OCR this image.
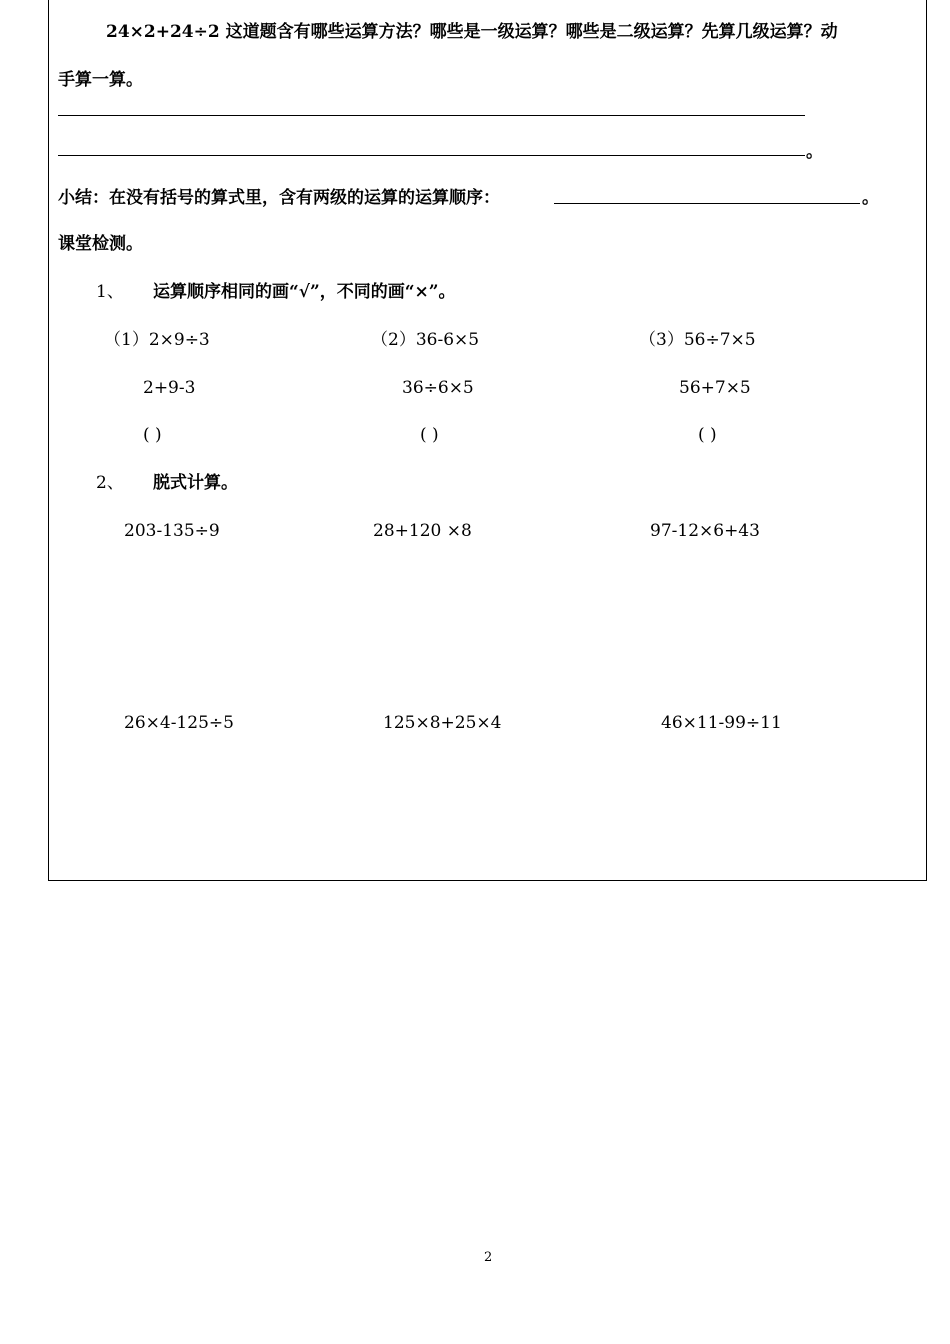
24×2+24÷2 这道题含有哪些运算方法？哪些是一级运算？哪些是二级运算？先算几级运算？动
手算一算。
。
小结：在没有括号的算式里，含有两级的运算的运算顺序：	。
课堂检测。
1、 运算顺序相同的画“√”，不同的画“×”。
（1）2×9÷3	（2）36-6×5	（3）56÷7×5
2+9-3	36÷6×5	56+7×5
( )	( )	( )
2、 脱式计算。
203-135÷9	28+120 ×8	97-12×6+43
26×4-125÷5	125×8+25×4	46×11-99÷11
2
